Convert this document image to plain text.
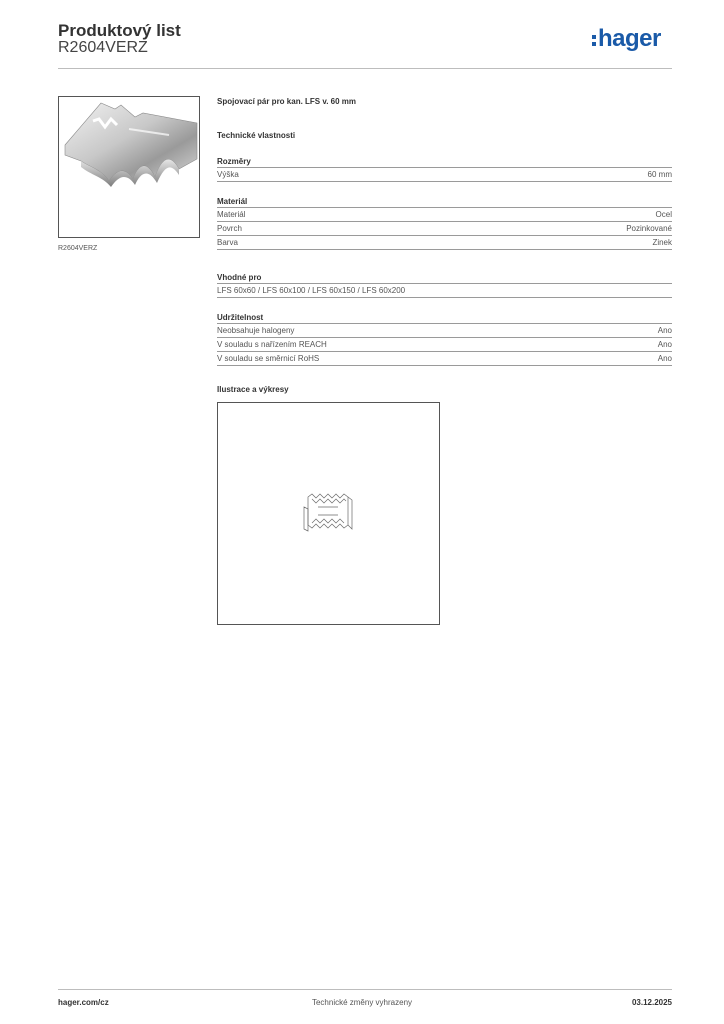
Produktový list
R2604VERZ	hager
R2604VERZ
Spojovací pár pro kan. LFS v. 60 mm
Technické vlastnosti
Rozměry
Výška	60 mm
Materiál
Materiál	Ocel
Povrch	Pozinkované
Barva	Zinek
Vhodné pro
LFS 60x60 / LFS 60x100 / LFS 60x150 / LFS 60x200
Udržitelnost
Neobsahuje halogeny	Ano
V souladu s nařízením REACH	Ano
V souladu se směrnicí RoHS	Ano
Ilustrace a výkresy
Technické změny vyhrazeny
hager.com/cz	03.12.2025
